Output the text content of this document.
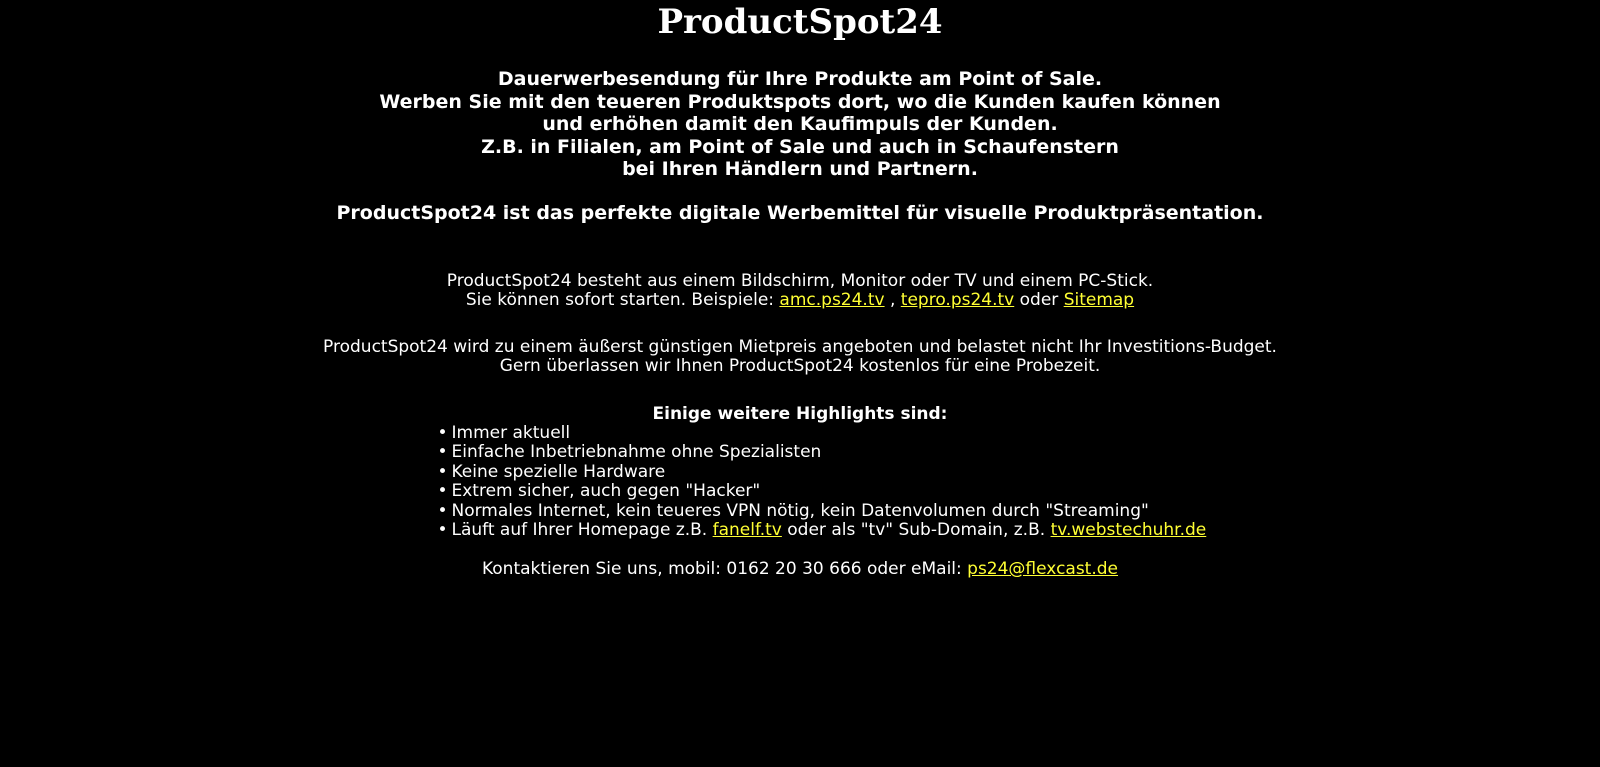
ProductSpot24
Dauerwerbesendung für Ihre Produkte am Point of Sale.
Werben Sie mit den teueren Produktspots dort, wo die Kunden kaufen können
und erhöhen damit den Kaufimpuls der Kunden.
Z.B. in Filialen, am Point of Sale und auch in Schaufenstern
bei Ihren Händlern und Partnern.
ProductSpot24 ist das perfekte digitale Werbemittel für visuelle Produktpräsentation.
ProductSpot24 besteht aus einem Bildschirm, Monitor oder TV und einem PC-Stick.
Sie können sofort starten. Beispiele: amc.ps24.tv , tepro.ps24.tv oder Sitemap
ProductSpot24 wird zu einem äußerst günstigen Mietpreis angeboten und belastet nicht Ihr Investitions-Budget.
Gern überlassen wir Ihnen ProductSpot24 kostenlos für eine Probezeit.
Einige weitere Highlights sind:
• Immer aktuell
• Einfache Inbetriebnahme ohne Spezialisten
• Keine spezielle Hardware
• Extrem sicher, auch gegen "Hacker"
• Normales Internet, kein teueres VPN nötig, kein Datenvolumen durch "Streaming"
• Läuft auf Ihrer Homepage z.B. fanelf.tv oder als "tv" Sub-Domain, z.B. tv.webstechuhr.de
Kontaktieren Sie uns, mobil: 0162 20 30 666 oder eMail: ps24@flexcast.de
